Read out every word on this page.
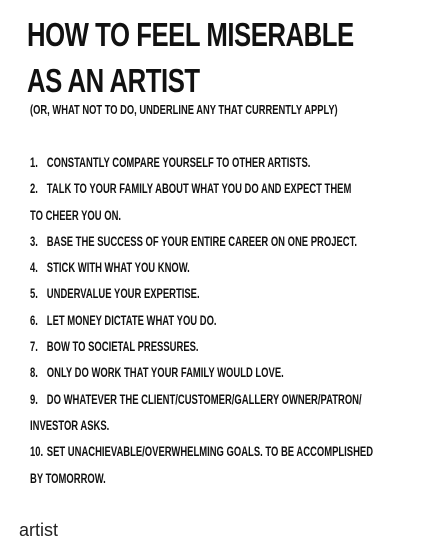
HOW TO FEEL MISERABLE
AS AN ARTIST

(OR, WHAT NOT TO DO, UNDERLINE ANY THAT CURRENTLY APPLY)

1. CONSTANTLY COMPARE YOURSELF TO OTHER ARTISTS.
2. TALK TO YOUR FAMILY ABOUT WHAT YOU DO AND EXPECT THEM
TO CHEER YOU ON.
3. BASE THE SUCCESS OF YOUR ENTIRE CAREER ON ONE PROJECT.
4. STICK WITH WHAT YOU KNOW.
5. UNDERVALUE YOUR EXPERTISE.
6. LET MONEY DICTATE WHAT YOU DO.
7. BOW TO SOCIETAL PRESSURES.
8. ONLY DO WORK THAT YOUR FAMILY WOULD LOVE.
9. DO WHATEVER THE CLIENT/CUSTOMER/GALLERY OWNER/PATRON/
INVESTOR ASKS.
10. SET UNACHIEVABLE/OVERWHELMING GOALS. TO BE ACCOMPLISHED
BY TOMORROW.

artist
